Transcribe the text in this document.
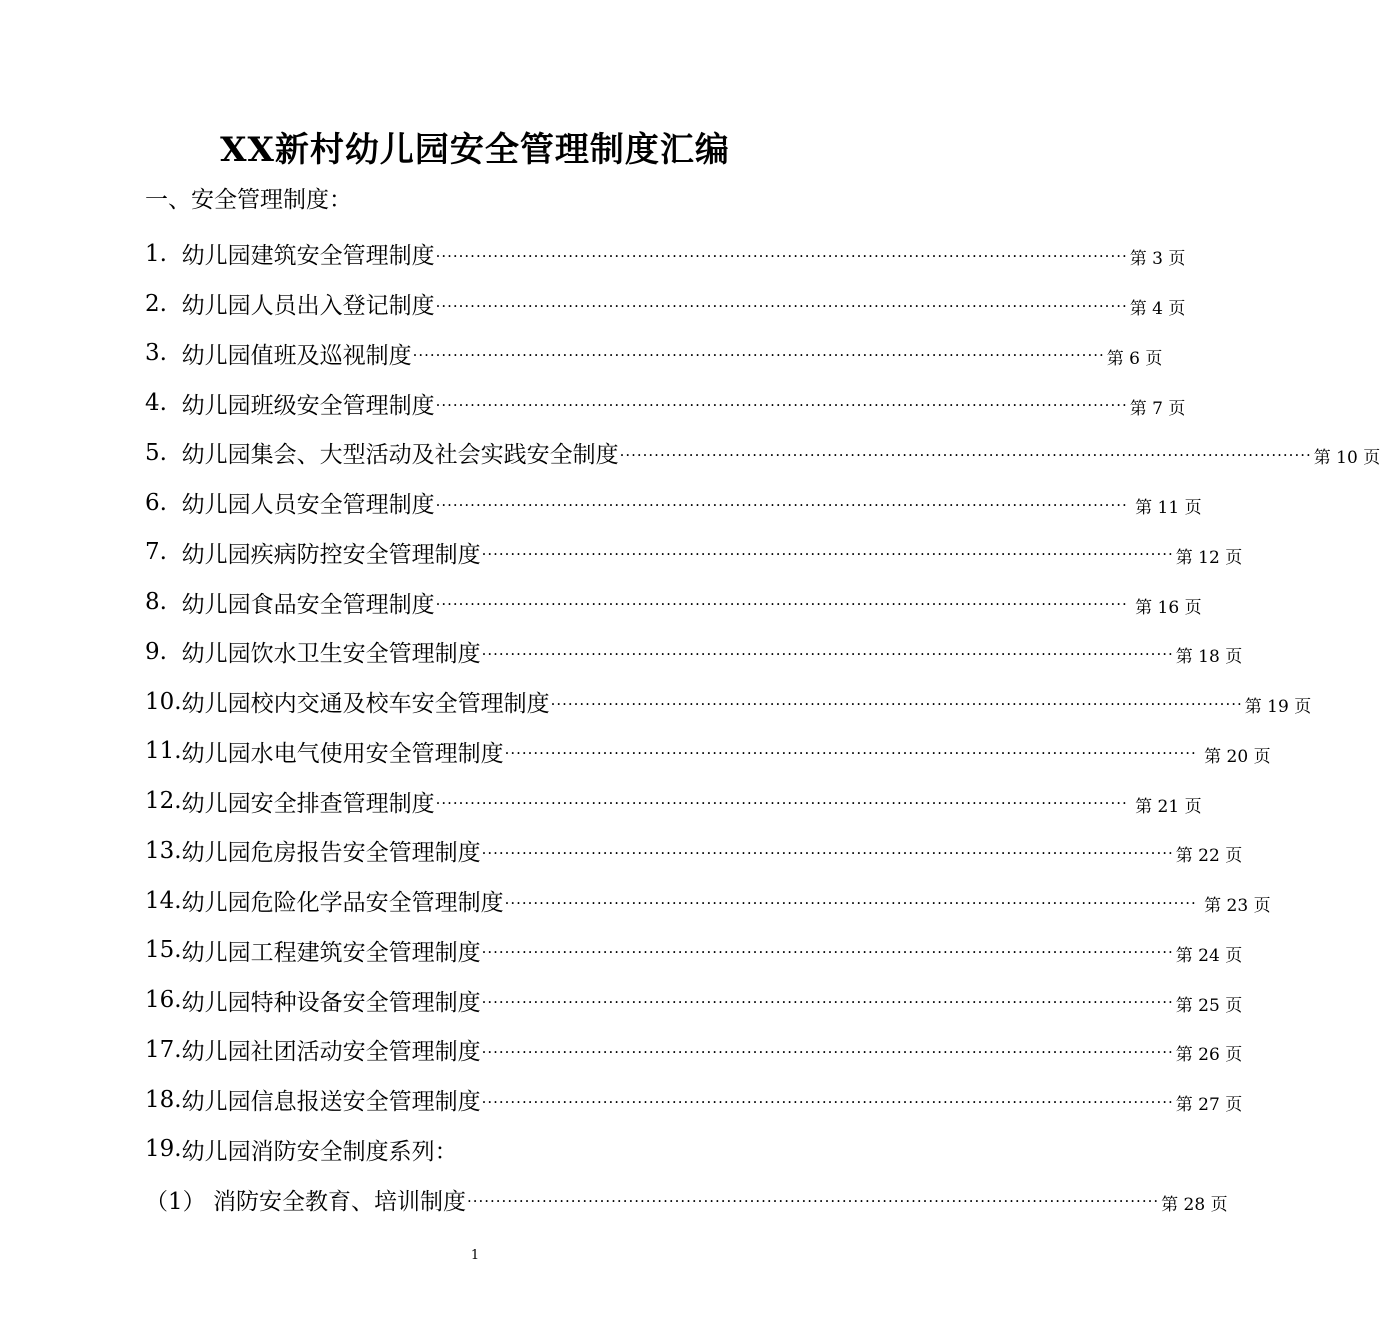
XX新村幼儿园安全管理制度汇编
一、安全管理制度：
1. 幼儿园建筑安全管理制度 ························································································································ 第 3 页
2. 幼儿园人员出入登记制度 ························································································································ 第 4 页
3. 幼儿园值班及巡视制度 ························································································································ 第 6 页
4. 幼儿园班级安全管理制度 ························································································································ 第 7 页
5. 幼儿园集会、大型活动及社会实践安全制度 ························································································································ 第 10 页
6. 幼儿园人员安全管理制度 ························································································································ 第 11 页
7. 幼儿园疾病防控安全管理制度 ························································································································ 第 12 页
8. 幼儿园食品安全管理制度 ························································································································ 第 16 页
9. 幼儿园饮水卫生安全管理制度 ························································································································ 第 18 页
10. 幼儿园校内交通及校车安全管理制度 ························································································································ 第 19 页
11. 幼儿园水电气使用安全管理制度 ························································································································ 第 20 页
12. 幼儿园安全排查管理制度 ························································································································ 第 21 页
13. 幼儿园危房报告安全管理制度 ························································································································ 第 22 页
14. 幼儿园危险化学品安全管理制度 ························································································································ 第 23 页
15. 幼儿园工程建筑安全管理制度 ························································································································ 第 24 页
16. 幼儿园特种设备安全管理制度 ························································································································ 第 25 页
17. 幼儿园社团活动安全管理制度 ························································································································ 第 26 页
18. 幼儿园信息报送安全管理制度 ························································································································ 第 27 页
19. 幼儿园消防安全制度系列：
（1） 消防安全教育、培训制度 ························································································································ 第 28 页
1
